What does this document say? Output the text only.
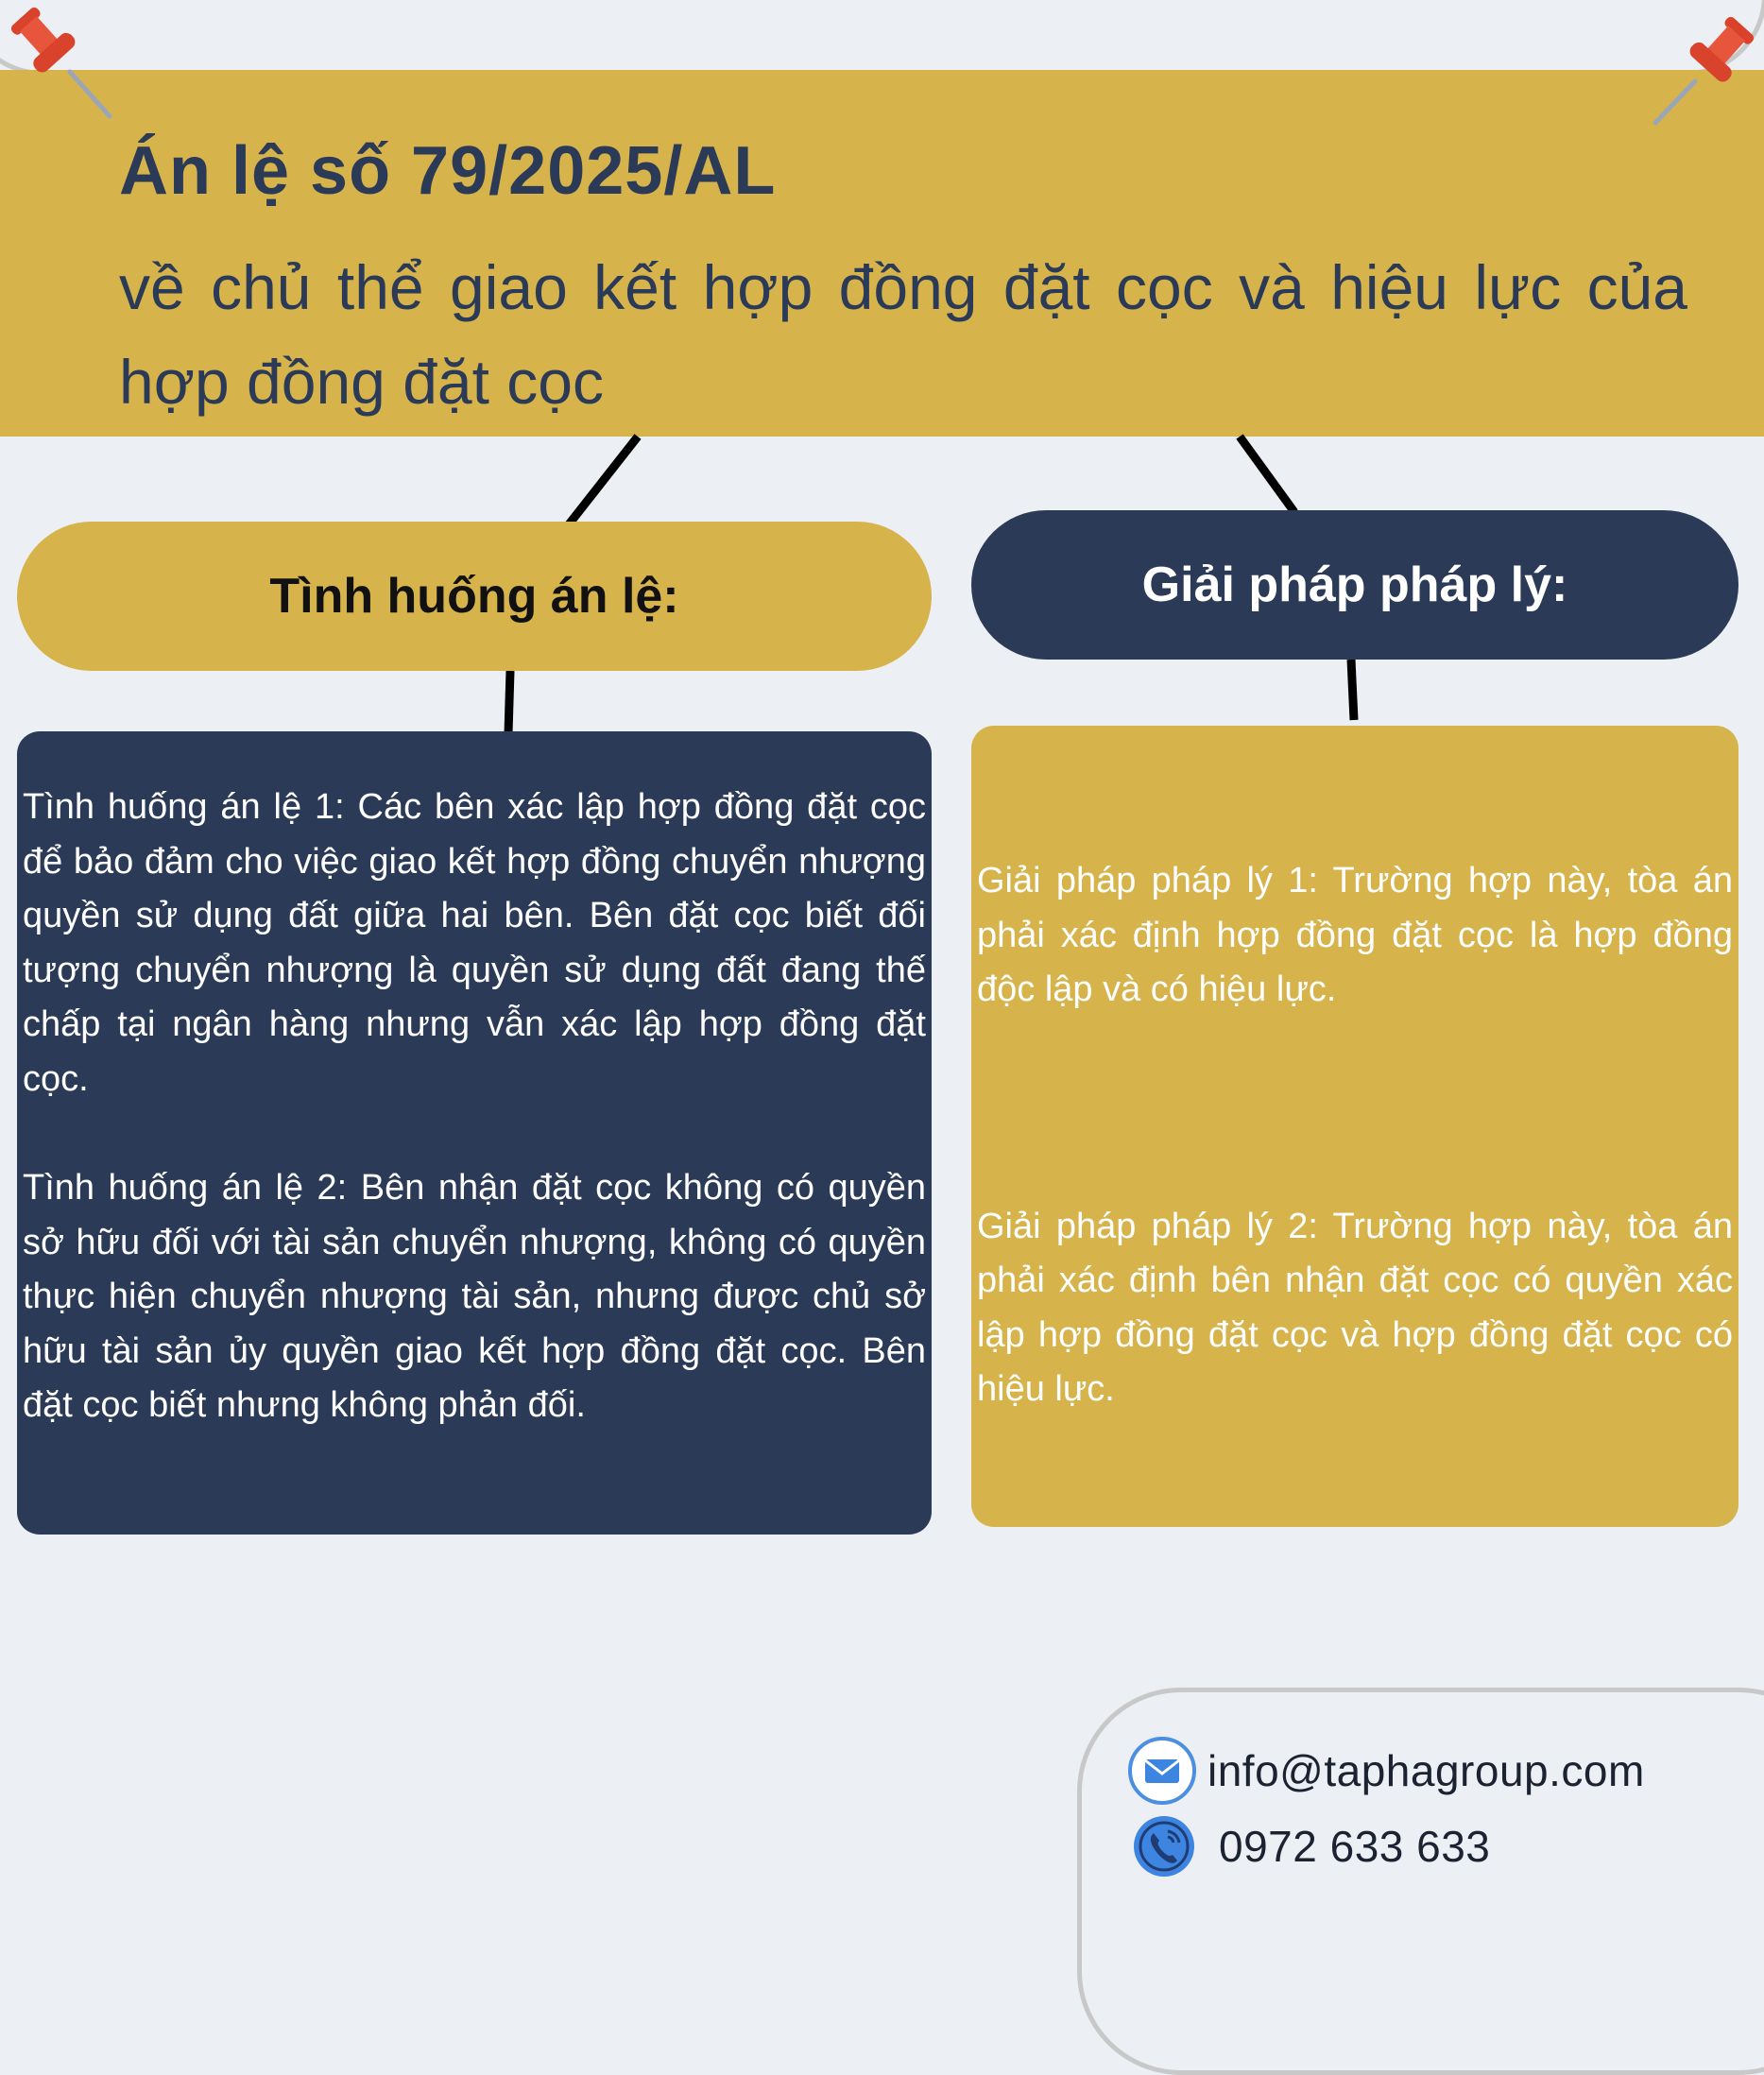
Án lệ số 79/2025/AL
về chủ thể giao kết hợp đồng đặt cọc và hiệu lực của hợp đồng đặt cọc
Tình huống án lệ:	Giải pháp pháp lý:

Tình huống án lệ 1: Các bên xác lập hợp đồng đặt cọc để bảo đảm cho việc giao kết hợp đồng chuyển nhượng quyền sử dụng đất giữa hai bên. Bên đặt cọc biết đối tượng chuyển nhượng là quyền sử dụng đất đang thế chấp tại ngân hàng nhưng vẫn xác lập hợp đồng đặt cọc.

Tình huống án lệ 2: Bên nhận đặt cọc không có quyền sở hữu đối với tài sản chuyển nhượng, không có quyền thực hiện chuyển nhượng tài sản, nhưng được chủ sở hữu tài sản ủy quyền giao kết hợp đồng đặt cọc. Bên đặt cọc biết nhưng không phản đối.

Giải pháp pháp lý 1: Trường hợp này, tòa án phải xác định hợp đồng đặt cọc là hợp đồng độc lập và có hiệu lực.

Giải pháp pháp lý 2: Trường hợp này, tòa án phải xác định bên nhận đặt cọc có quyền xác lập hợp đồng đặt cọc và hợp đồng đặt cọc có hiệu lực.

info@taphagroup.com
0972 633 633
